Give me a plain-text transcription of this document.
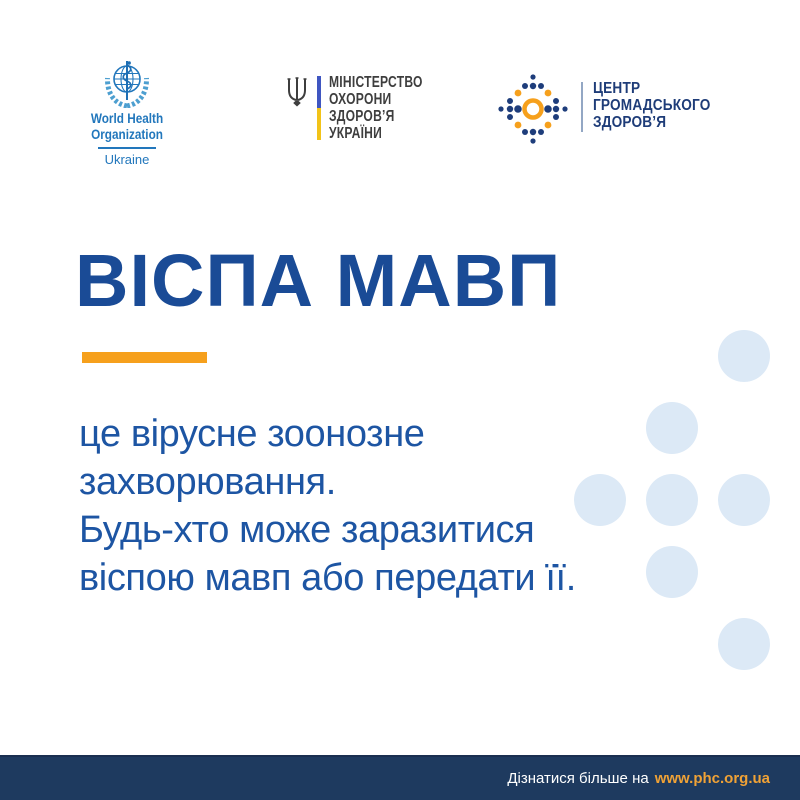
World Health
Organization
Ukraine
МІНІСТЕРСТВО
ОХОРОНИ
ЗДОРОВ’Я
УКРАЇНИ
ЦЕНТР
ГРОМАДСЬКОГО
ЗДОРОВ’Я
ВІСПА МАВП

це вірусне зоонозне
захворювання.
Будь-хто може заразитися
віспою мавп або передати її.

Дізнатися більше на www.phc.org.ua
